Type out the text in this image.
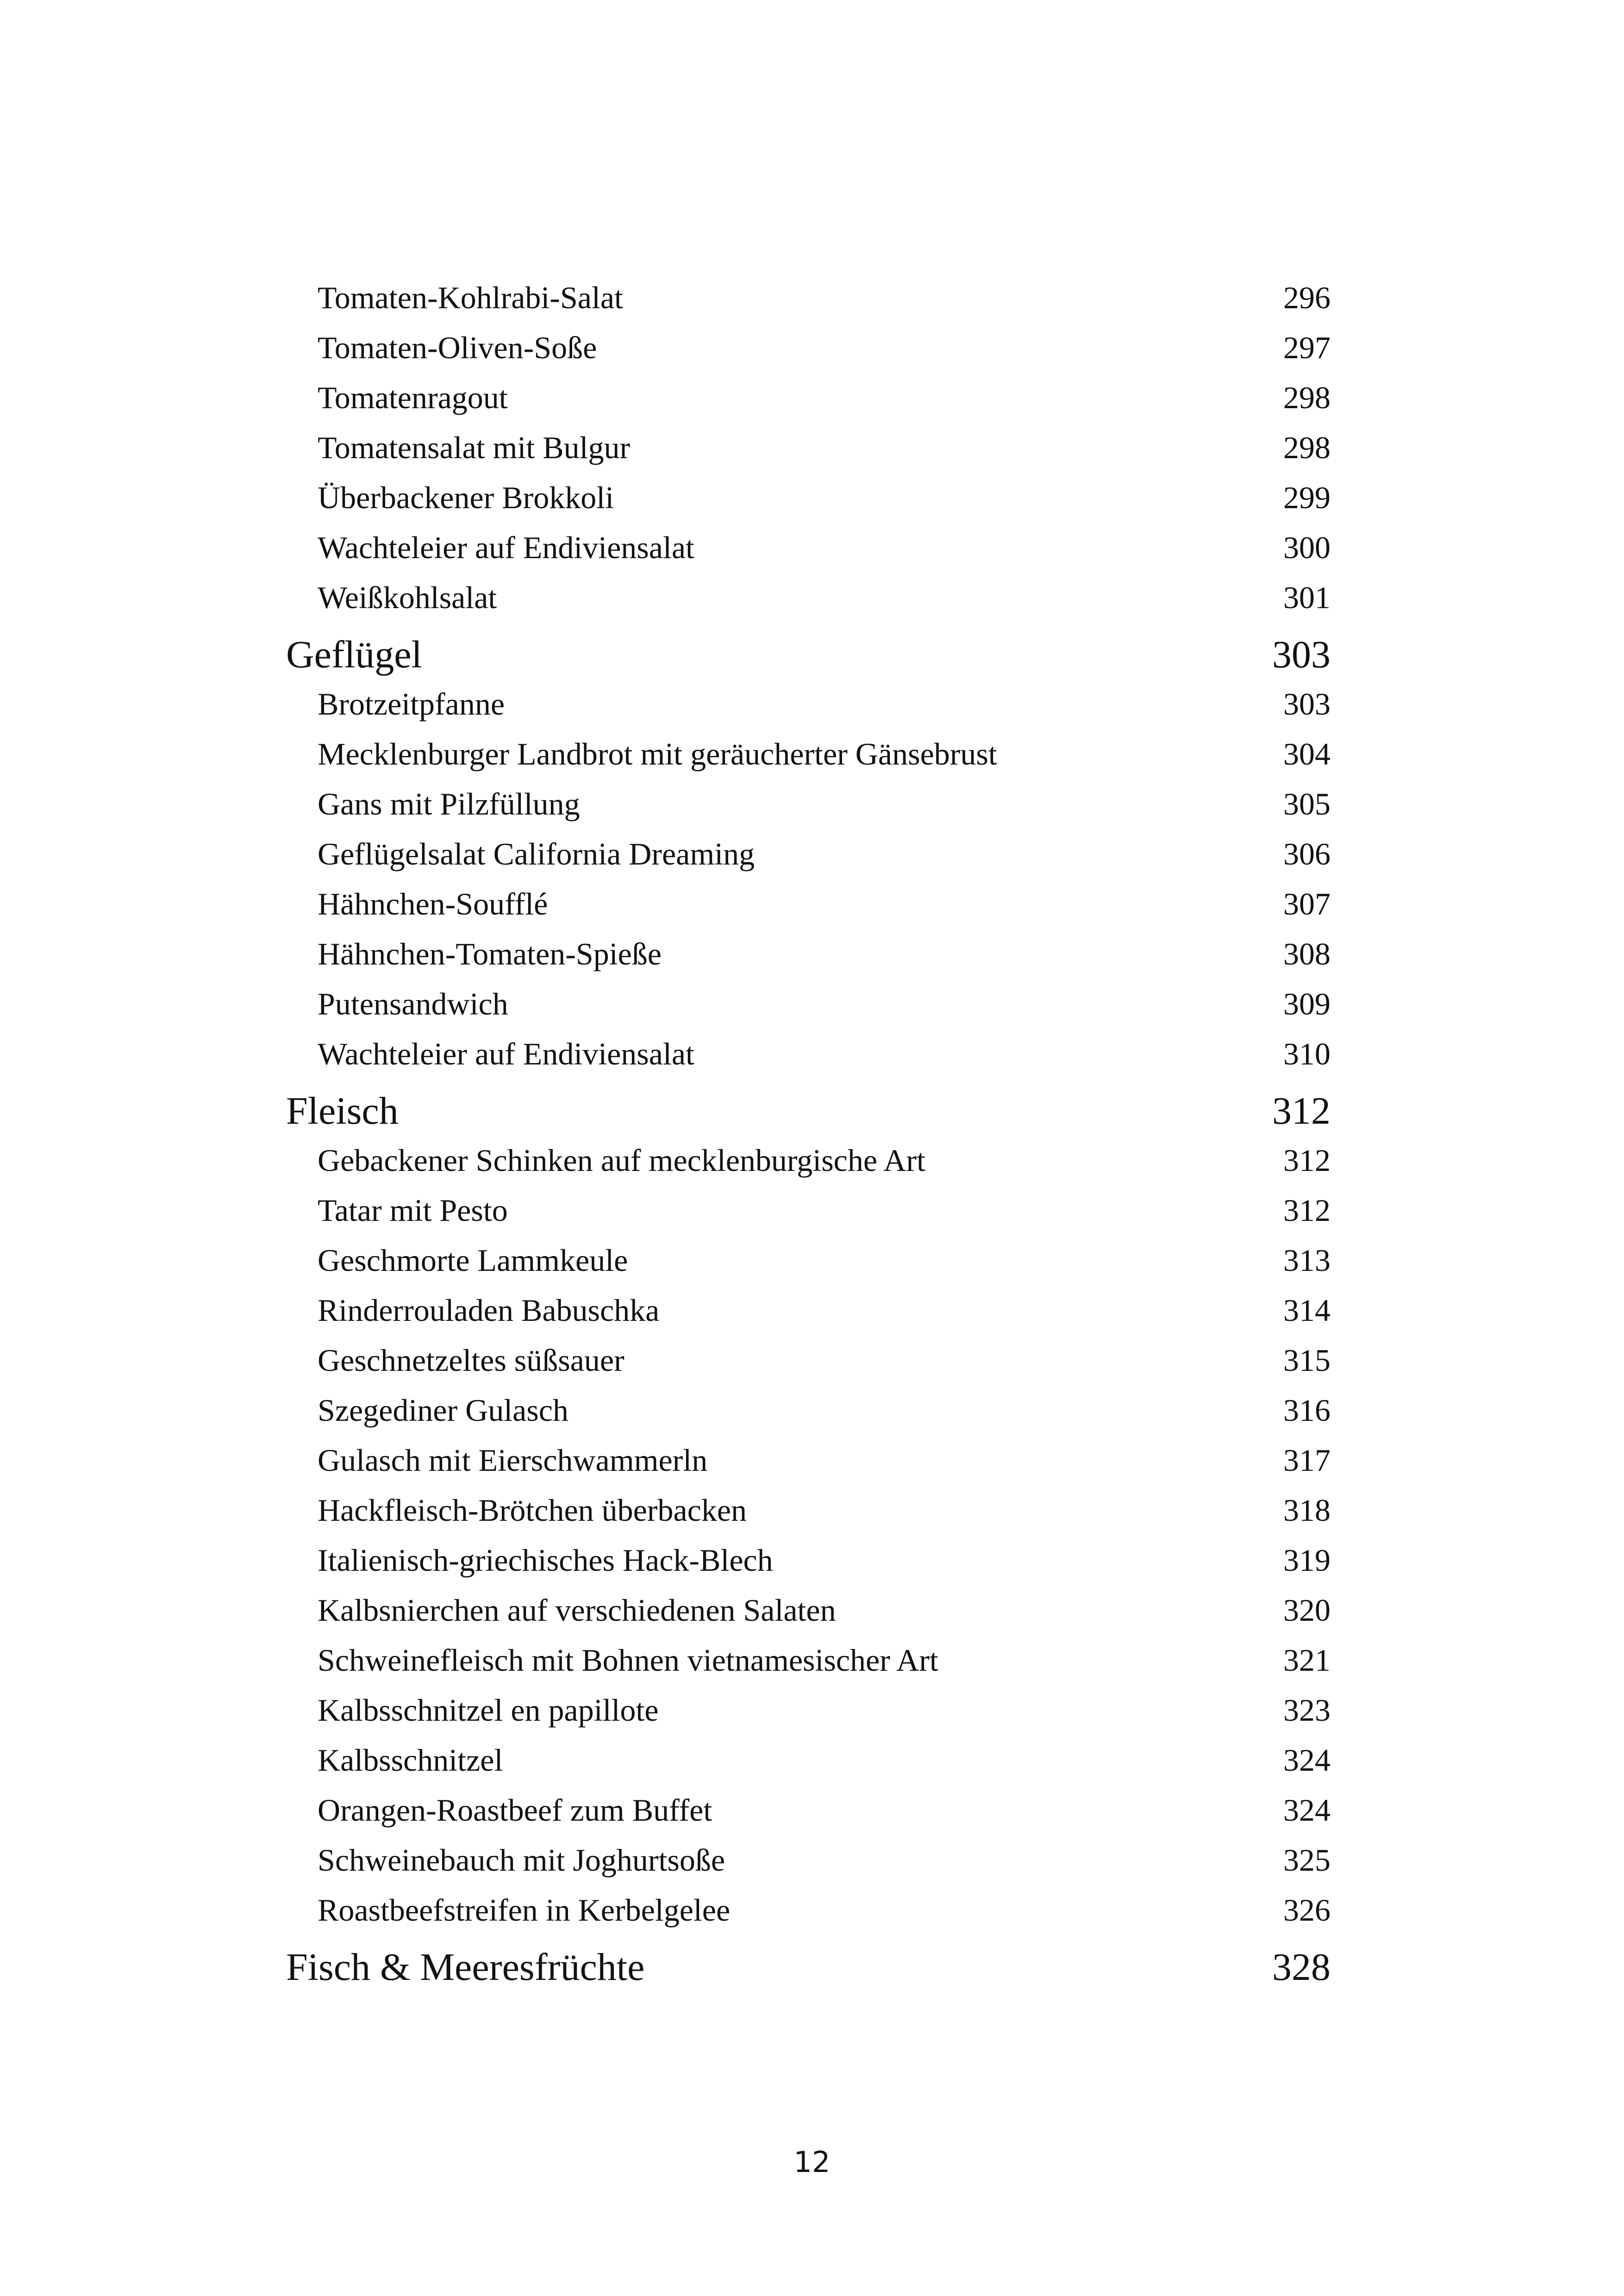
Tomaten-Kohlrabi-Salat	296
Tomaten-Oliven-Soße	297
Tomatenragout	298
Tomatensalat mit Bulgur	298
Überbackener Brokkoli	299
Wachteleier auf Endiviensalat	300
Weißkohlsalat	301
Geflügel	303
Brotzeitpfanne	303
Mecklenburger Landbrot mit geräucherter Gänsebrust	304
Gans mit Pilzfüllung	305
Geflügelsalat California Dreaming	306
Hähnchen-Soufflé	307
Hähnchen-Tomaten-Spieße	308
Putensandwich	309
Wachteleier auf Endiviensalat	310
Fleisch	312
Gebackener Schinken auf mecklenburgische Art	312
Tatar mit Pesto	312
Geschmorte Lammkeule	313
Rinderrouladen Babuschka	314
Geschnetzeltes süßsauer	315
Szegediner Gulasch	316
Gulasch mit Eierschwammerln	317
Hackfleisch-Brötchen überbacken	318
Italienisch-griechisches Hack-Blech	319
Kalbsnierchen auf verschiedenen Salaten	320
Schweinefleisch mit Bohnen vietnamesischer Art	321
Kalbsschnitzel en papillote	323
Kalbsschnitzel	324
Orangen-Roastbeef zum Buffet	324
Schweinebauch mit Joghurtsoße	325
Roastbeefstreifen in Kerbelgelee	326
Fisch & Meeresfrüchte	328
12
